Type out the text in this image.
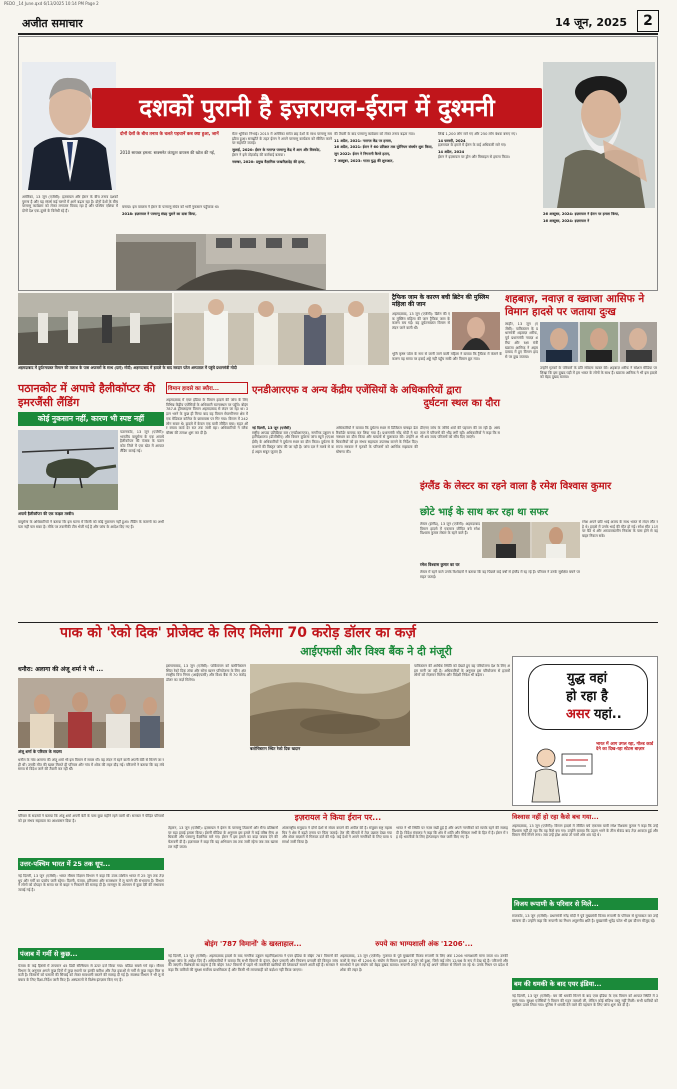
PEDO _14 June.qxd 6/13/2025 10:14 PM Page 2
अजीत समाचार	14 जून, 2025	2
दोनों देशों के बीच तनाव के चलते पहचानें कब क्या हुआ, जानें
2010 सायबर हमला: स्टक्सनेट कंप्यूटर वायरस की खोज की गई,
अमेरिका, 13 जून (एजेंसी): इज़रायल और ईरान के बीच तनाव दशकों पुराना है और यह संघर्ष कई चरणों में आगे बढ़ता रहा है। दोनों देशों के बीच परमाणु कार्यक्रम को लेकर लगातार विवाद रहा है और पश्चिम एशिया में दोनों देश एक-दूसरे के विरोधी रहे हैं।
बनाया। इस वायरस ने ईरान के परमाणु संयंत्र को भारी नुकसान पहुँचाया था।
2018: इज़रायल ने परमाणु संग्रह चुराने का दावा किया,
मेंटर भूमिका निभाई। 2015 में अमेरिका समेत छह देशों के साथ परमाणु समझौता हुआ। समझौते के तहत ईरान ने अपने परमाणु कार्यक्रम को सीमित करने पर सहमति जताई।
जुलाई, 2020: ईरान के नतान्ज़ परमाणु केंद्र में आग और विस्फोट,
ईरान ने इसे तोड़फोड़ की कार्रवाई बताया।
नवम्बर, 2020: प्रमुख वैज्ञानिक फखरीज़ादेह की हत्या,
की तैयारी के बाद परमाणु कार्यक्रम को लेकर तनाव बढ़ता गया।
11 अप्रैल, 2021: नतान्ज़ केंद्र पर हमला,
16 अप्रैल, 2021: ईरान ने 60 प्रतिशत तक यूरेनियम संवर्धन शुरू किया,
जून 2022: ईरान ने निगरानी कैमरे हटाए,
7 अक्टूबर, 2023: गाज़ा युद्ध की शुरुआत,
लिखे 1,200 लोग मारे गए और 250 लोग बंधक बनाए गए।
14 फरवरी, 2024
इज़रायल के हमले में ईरान के कई अधिकारी मारे गए।
14 अप्रैल, 2024
ईरान ने इज़रायल पर ड्रोन और मिसाइल से हमला किया।
26 अक्टूबर, 2024: इज़रायल ने ईरान पर हमला किया,
16 अक्टूबर, 2024: इज़रायल ने
दशकों पुरानी है इज़रायल-ईरान में दुश्मनी
अहमदाबाद में दुर्घटनाग्रस्त विमान की तलाश के पास अफसरों के साथ (दाएं) मोदी; अहमदाबाद में हादसे के बाद सरदार पटेल अस्पताल में पहुंचे प्रधानमंत्री मोदी
ट्रैफिक जाम के कारण बची ब्रिटेन की मुस्लिम महिला की जान
अहमदाबाद, 13 जून (एजेंसी): ब्रिटेन की एक मुस्लिम महिला की जान ट्रैफिक जाम के कारण बच गई। वह दुर्घटनाग्रस्त विमान से लंदन जाने वाली थी।
भूमि कृष्ण पटेल के नाम से जानी जाने वाली महिला ने बताया कि ट्रैफिक में फंसने के कारण वह समय पर हवाई अड्डे नहीं पहुँच सकी और विमान छूट गया।
शहबाज़, नवाज़ व ख्वाजा आसिफ ने विमान हादसे पर जताया दुःख
लाहौर, 13 जून (एजेंसी): पाकिस्तान के प्रधानमंत्री शहबाज़ शरीफ, पूर्व प्रधानमंत्री नवाज़ शरीफ और रक्षा मंत्री ख्वाजा आसिफ ने अहमदाबाद में हुए विमान हादसे पर दुख जताया।
उन्होंने मृतकों के परिवारों के प्रति संवेदना व्यक्त की। शहबाज़ शरीफ ने सोशल मीडिया पर लिखा कि इस दुखद घड़ी में हम भारत के लोगों के साथ हैं। ख्वाजा आसिफ ने भी इस हादसे को बेहद दुखद बताया।
एनडीआरएफ व अन्य केंद्रीय एजेंसियों के अधिकारियों द्वारा
दुर्घटना स्थल का दौरा
विमान हादसे का ब्यौरा...
अहमदाबाद में एयर इंडिया के विमान हादसे की जांच के लिए विभिन्न केंद्रीय एजेंसियों के अधिकारी घटनास्थल पर पहुँचे। बोइंग 787-8 ड्रीमलाइनर विमान अहमदाबाद से लंदन जा रहा था। उड़ान भरने के कुछ ही मिनट बाद यह विमान मेघाणीनगर क्षेत्र में एक मेडिकल कॉलेज के छात्रावास पर गिर गया। विमान में 242 लोग सवार थे। हादसे में केवल एक यात्री जीवित बचा। राहत और बचाव कार्य देर रात तक जारी रहा। अधिकारियों ने ब्लैक बॉक्स की तलाश शुरू कर दी है।
नई दिल्ली, 13 जून (एजेंसी)
राष्ट्रीय आपदा प्रतिक्रिया बल (एनडीआरएफ), नागरिक उड्डयन महानिदेशालय (डीजीसीए) और विमान दुर्घटना जांच ब्यूरो (एएआईबी) के अधिकारियों ने दुर्घटना स्थल का दौरा किया। दुर्घटना के कारणों की विस्तृत जांच की जा रही है। जांच दल ने मलबे से कई अहम सबूत जुटाए हैं।
अधिकारियों ने बताया कि दुर्घटना स्थल से डिजिटल फ्लाइट डेटा रिकॉर्डर बरामद कर लिया गया है। प्रधानमंत्री नरेंद्र मोदी ने घटनास्थल का दौरा किया और घायलों से मुलाकात की। उन्होंने अधिकारियों को हर संभव सहायता उपलब्ध कराने के निर्देश दिए। राज्य सरकार ने मृतकों के परिजनों को आर्थिक सहायता की घोषणा की।
डीएनए जांच के जरिये शवों की पहचान की जा रही है। अस्पताल में परिजनों की भीड़ लगी रही। अधिकारियों ने कहा कि सभी शव जल्द परिजनों को सौंप दिए जाएंगे।
पठानकोट में अपाचे हैलीकॉप्टर की इमरजैंसी लैंडिंग
कोई नुकसान नहीं, कारण भी स्पष्ट नहीं
पठानकोट, 13 जून (एजेंसी): भारतीय वायुसेना के एक अपाचे हैलीकॉप्टर की पंजाब के पठानकोट जिले में एक खेत में आपात लैंडिंग कराई गई।
अपाचे हैलीकॉप्टर की एक फाइल तस्वीर।
वायुसेना के अधिकारियों ने बताया कि इस घटना में किसी को कोई नुकसान नहीं हुआ। लैंडिंग के कारणों का अभी पता नहीं चल सका है। मौके पर तकनीकी टीम भेजी गई है और जांच के आदेश दिए गए हैं।
इंग्लैंड के लेस्टर का रहने वाला है रमेश विश्वास कुमार
छोटे भाई के साथ कर रहा था सफर
लेस्टर (इंग्लैंड), 13 जून (एजेंसी): अहमदाबाद विमान हादसे में एकमात्र जीवित बचे रमेश विश्वास कुमार लेस्टर के रहने वाले हैं।
रमेश अपने छोटे भाई अजय के साथ भारत से लंदन लौट रहे थे। हादसे में उनके भाई की मौत हो गई। रमेश सीट 11ए पर बैठे थे और आपातकालीन निकास के पास होने से वह बाहर निकल सके।
रमेश विश्वास कुमार का घर
लेस्टर में रहने वाले उनके रिश्तेदारों ने बताया कि वह पिछले कई वर्षों से इंग्लैंड में रह रहे हैं। परिवार ने उनके सुरक्षित बचने पर राहत जताई।
पाक को 'रेको दिक' प्रोजेक्ट के लिए मिलेगा 70 करोड़ डॉलर का कर्ज़
आईएफसी और विश्व बैंक ने दी मंजूरी
इस्लामाबाद, 13 जून (एजेंसी): पाकिस्तान को बलोचिस्तान स्थित रेको दिक तांबा और सोना खनन परियोजना के लिए अंतरराष्ट्रीय वित्त निगम (आईएफसी) और विश्व बैंक से 70 करोड़ डॉलर का कर्ज़ मिलेगा।
बलोचिस्तान स्थित रेको दिक खदान
पाकिस्तान की आर्थिक स्थिति को देखते हुए यह परियोजना देश के लिए अहम मानी जा रही है। अधिकारियों के अनुसार इस परियोजना से हज़ारों लोगों को रोज़गार मिलेगा और विदेशी निवेश भी बढ़ेगा।
धनौरा: अलागा की अंजू शर्मा ने भी ...
अंजू शर्मा के परिवार के सदस्य
धनौरा के गांव अलागा की अंजू शर्मा भी इस विमान में सवार थीं। वह लंदन में रहने वाली अपनी बेटी से मिलने जा रही थीं। उनकी मौत की खबर मिलते ही परिवार और गांव में शोक की लहर दौड़ गई। परिजनों ने बताया कि वह लंबे समय से विदेश जाने की तैयारी कर रही थीं।
युद्ध वहां
हो रहा है
असर यहां..
भारत में आग उगल रहा, गोल्ड कार्ड देने का दिख-रहा स्टेटस बाज़ार
परिवार के सदस्यों ने बताया कि अंजू शर्मा अपनी बेटी के पास कुछ महीने रहने वाली थीं। सरकार ने पीड़ित परिवारों को हर संभव सहायता का आश्वासन दिया है।
उत्तर-पश्चिम भारत में 25 तक धूप...
नई दिल्ली, 13 जून (एजेंसी): भारत मौसम विज्ञान विभाग ने कहा कि उत्तर-पश्चिम भारत में 25 जून तक तेज़ धूप और गर्मी का प्रकोप जारी रहेगा। दिल्ली, पंजाब, हरियाणा और राजस्थान में लू चलने की संभावना है। विभाग ने लोगों को दोपहर के समय घर से बाहर न निकलने की सलाह दी है। मानसून के आगमन में कुछ देरी की संभावना जताई गई है।
पंजाब में गर्मी से कुछ...
पंजाब के कई हिस्सों में तापमान 45 डिग्री सेल्सियस से ऊपर दर्ज किया गया। बठिंडा सबसे गर्म रहा। मौसम विभाग के अनुसार अगले कुछ दिनों में कुछ स्थानों पर हल्की बारिश और तेज़ हवाओं से गर्मी से कुछ राहत मिल सकती है। किसानों को फसलों की सिंचाई को लेकर सावधानी बरतने की सलाह दी गई है। स्वास्थ्य विभाग ने भी लू से बचाव के लिए दिशा-निर्देश जारी किए हैं। अस्पतालों में विशेष इंतज़ाम किए गए हैं।
इज़रायल ने किया ईरान पर...
तेहरान, 13 जून (एजेंसी): इज़रायल ने ईरान के परमाणु ठिकानों और सैन्य प्रतिष्ठानों पर बड़ा हवाई हमला किया। ईरानी मीडिया के अनुसार इस हमले में कई वरिष्ठ सैन्य अधिकारी और परमाणु वैज्ञानिक मारे गए। ईरान ने इस हमले का कड़ा जवाब देने की चेतावनी दी है। इज़रायल ने कहा कि यह अभियान तब तक जारी रहेगा जब तक खतरा टल नहीं जाता।
अंतरराष्ट्रीय समुदाय ने दोनों देशों से संयम बरतने की अपील की है। संयुक्त राष्ट्र महासचिव ने क्षेत्र में बढ़ते तनाव पर चिंता जताई। तेल की कीमतों में तेज़ उछाल देखा गया और शेयर बाज़ारों में गिरावट दर्ज की गई। कई देशों ने अपने नागरिकों के लिए यात्रा परामर्श जारी किया है।
भारत ने भी स्थिति पर नज़र रखी हुई है और अपने नागरिकों को सतर्क रहने की सलाह दी है। विदेश मंत्रालय ने कहा कि क्षेत्र में शांति और स्थिरता सभी के हित में है। ईरान में रह रहे भारतीयों के लिए हेल्पलाइन नंबर जारी किए गए हैं।
बोइंग '787 विमानों' के खस्ताहाल...
नई दिल्ली, 13 जून (एजेंसी): अहमदाबाद हादसे के बाद नागरिक उड्डयन महानिदेशालय ने एयर इंडिया के बोइंग 787 विमानों की सुरक्षा जांच के आदेश दिए हैं। अधिकारियों ने बताया कि सभी विमानों के इंजन, ईंधन प्रणाली और नियंत्रण प्रणाली की विस्तृत जांच की जाएगी। विशेषज्ञों का कहना है कि बोइंग 787 विमानों में पहले भी तकनीकी खामियों की शिकायतें सामने आती रही हैं। सरकार ने कहा कि यात्रियों की सुरक्षा सर्वोच्च प्राथमिकता है और किसी भी लापरवाही को बर्दाश्त नहीं किया जाएगा।
रुपये का भाग्यशाली अंक '1206'...
अहमदाबाद, 13 जून (एजेंसी): गुजरात के पूर्व मुख्यमंत्री विजय रूपाणी के लिए अंक 1206 भाग्यशाली माना जाता था। उनकी कारों के नंबर भी 1206 थे। संयोग से विमान हादसा 12 जून को हुआ, जिसे कई लोग 12/06 के रूप में देख रहे हैं। परिजनों और समर्थकों ने इस संयोग को बेहद दुखद बताया। रूपाणी लंदन में रह रहे अपने परिवार से मिलने जा रहे थे। उनके निधन पर प्रदेश में शोक की लहर है।
विश्वास नहीं हो रहा कैसे बच गया...
अहमदाबाद, 13 जून (एजेंसी): विमान हादसे में जीवित बचे एकमात्र यात्री रमेश विश्वास कुमार ने कहा कि उन्हें विश्वास नहीं हो रहा कि वह कैसे बच गए। उन्होंने बताया कि उड़ान भरने के तीस सेकंड बाद तेज़ आवाज़ हुई और विमान नीचे गिरने लगा। जब उन्हें होश आया तो चारों ओर शव पड़े थे।
विजय रूपाणी के परिवार से मिले...
राजकोट, 13 जून (एजेंसी): प्रधानमंत्री नरेंद्र मोदी ने पूर्व मुख्यमंत्री विजय रूपाणी के परिवार से मुलाकात कर उन्हें सांत्वना दी। उन्होंने कहा कि रूपाणी का निधन अपूरणीय क्षति है। मुख्यमंत्री भूपेंद्र पटेल भी इस दौरान मौजूद रहे।
बम की धमकी के बाद एयर इंडिया...
नई दिल्ली, 13 जून (एजेंसी): बम की धमकी मिलने के बाद एयर इंडिया के एक विमान को आपात स्थिति में उतारा गया। सुरक्षा एजेंसियों ने विमान की गहन तलाशी ली, लेकिन कोई संदिग्ध वस्तु नहीं मिली। सभी यात्रियों को सुरक्षित उतार लिया गया। पुलिस ने धमकी देने वाले की पहचान के लिए जांच शुरू कर दी है।
